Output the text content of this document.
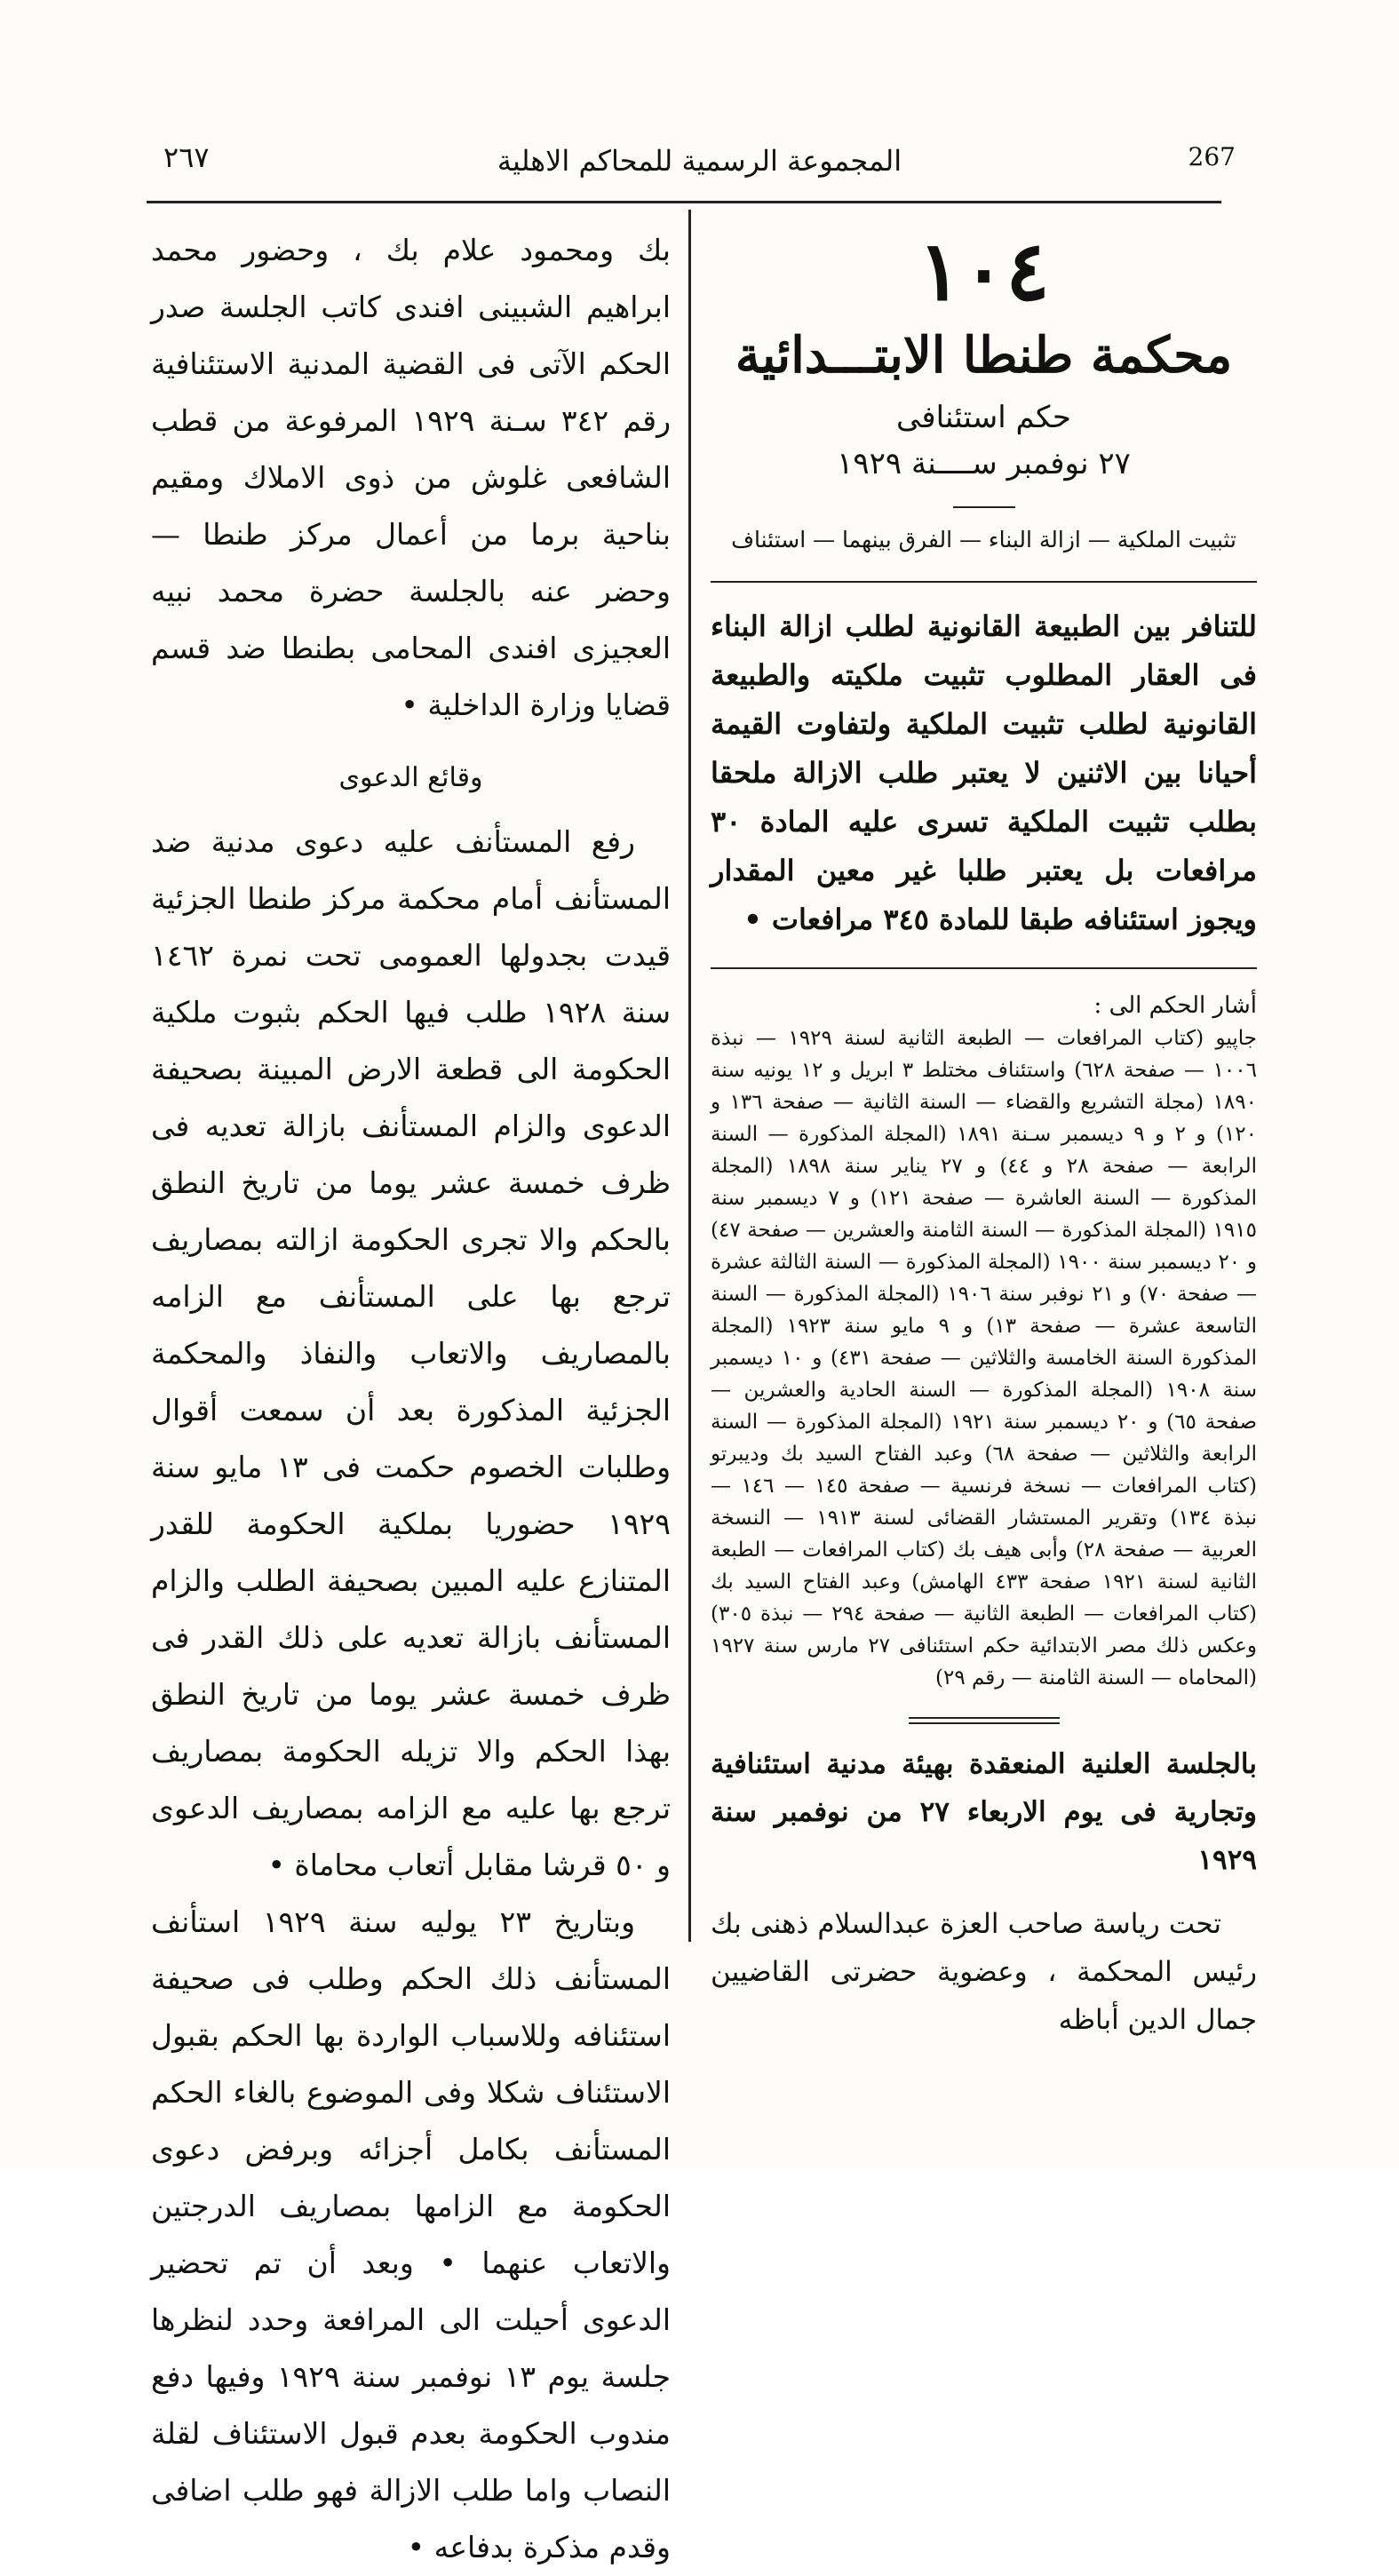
٢٦٧	المجموعة الرسمية للمحاكم الاهلية	267

١٠٤

محكمة طنطا الابتـــدائية

حكم استئنافى

٢٧ نوفمبر ســــنة ١٩٢٩

تثبيت الملكية — ازالة البناء — الفرق بينهما — استئناف

للتنافر بين الطبيعة القانونية لطلب ازالة البناء فى العقار المطلوب تثبيت ملكيته والطبيعة القانونية لطلب تثبيت الملكية ولتفاوت القيمة أحيانا بين الاثنين لا يعتبر طلب الازالة ملحقا بطلب تثبيت الملكية تسرى عليه المادة ٣٠ مرافعات بل يعتبر طلبا غير معين المقدار ويجوز استئنافه طبقا للمادة ٣٤٥ مرافعات •

أشار الحكم الى :

جاپيو (كتاب المرافعات — الطبعة الثانية لسنة ١٩٢٩ — نبذة ١٠٠٦ — صفحة ٦٢٨) واستئناف مختلط ٣ ابريل و ١٢ يونيه سنة ١٨٩٠ (مجلة التشريع والقضاء — السنة الثانية — صفحة ١٣٦ و ١٢٠) و ٢ و ٩ ديسمبر سـنة ١٨٩١ (المجلة المذكورة — السنة الرابعة — صفحة ٢٨ و ٤٤) و ٢٧ يناير سنة ١٨٩٨ (المجلة المذكورة — السنة العاشرة — صفحة ١٢١) و ٧ ديسمبر سنة ١٩١٥ (المجلة المذكورة — السنة الثامنة والعشرين — صفحة ٤٧) و ٢٠ ديسمبر سنة ١٩٠٠ (المجلة المذكورة — السنة الثالثة عشرة — صفحة ٧٠) و ٢١ نوفبر سنة ١٩٠٦ (المجلة المذكورة — السنة التاسعة عشرة — صفحة ١٣) و ٩ مايو سنة ١٩٢٣ (المجلة المذكورة السنة الخامسة والثلاثين — صفحة ٤٣١) و ١٠ ديسمبر سنة ١٩٠٨ (المجلة المذكورة — السنة الحادية والعشرين — صفحة ٦٥) و ٢٠ ديسمبر سنة ١٩٢١ (المجلة المذكورة — السنة الرابعة والثلاثين — صفحة ٦٨) وعبد الفتاح السيد بك وديبرتو (كتاب المرافعات — نسخة فرنسية — صفحة ١٤٥ — ١٤٦ — نبذة ١٣٤) وتقرير المستشار القضائى لسنة ١٩١٣ — النسخة العربية — صفحة ٢٨) وأبى هيف بك (كتاب المرافعات — الطبعة الثانية لسنة ١٩٢١ صفحة ٤٣٣ الهامش) وعبد الفتاح السيد بك (كتاب المرافعات — الطبعة الثانية — صفحة ٢٩٤ — نبذة ٣٠٥) وعكس ذلك مصر الابتدائية حكم استئنافى ٢٧ مارس سنة ١٩٢٧ (المحاماه — السنة الثامنة — رقم ٢٩)

بالجلسة العلنية المنعقدة بهيئة مدنية استئنافية وتجارية فى يوم الاربعاء ٢٧ من نوفمبر سنة ١٩٢٩

تحت رياسة صاحب العزة عبدالسلام ذهنى بك رئيس المحكمة ، وعضوية حضرتى القاضيين جمال الدين أباظه

بك ومحمود علام بك ، وحضور محمد ابراهيم الشبينى افندى كاتب الجلسة صدر الحكم الآتى فى القضية المدنية الاستئنافية رقم ٣٤٢ سـنة ١٩٢٩ المرفوعة من قطب الشافعى غلوش من ذوى الاملاك ومقيم بناحية برما من أعمال مركز طنطا — وحضر عنه بالجلسة حضرة محمد نبيه العجيزى افندى المحامى بطنطا ضد قسم قضايا وزارة الداخلية •

وقائع الدعوى

رفع المستأنف عليه دعوى مدنية ضد المستأنف أمام محكمة مركز طنطا الجزئية قيدت بجدولها العمومى تحت نمرة ١٤٦٢ سنة ١٩٢٨ طلب فيها الحكم بثبوت ملكية الحكومة الى قطعة الارض المبينة بصحيفة الدعوى والزام المستأنف بازالة تعديه فى ظرف خمسة عشر يوما من تاريخ النطق بالحكم والا تجرى الحكومة ازالته بمصاريف ترجع بها على المستأنف مع الزامه بالمصاريف والاتعاب والنفاذ والمحكمة الجزئية المذكورة بعد أن سمعت أقوال وطلبات الخصوم حكمت فى ١٣ مايو سنة ١٩٢٩ حضوريا بملكية الحكومة للقدر المتنازع عليه المبين بصحيفة الطلب والزام المستأنف بازالة تعديه على ذلك القدر فى ظرف خمسة عشر يوما من تاريخ النطق بهذا الحكم والا تزيله الحكومة بمصاريف ترجع بها عليه مع الزامه بمصاريف الدعوى و ٥٠ قرشا مقابل أتعاب محاماة •

وبتاريخ ٢٣ يوليه سنة ١٩٢٩ استأنف المستأنف ذلك الحكم وطلب فى صحيفة استئنافه وللاسباب الواردة بها الحكم بقبول الاستئناف شكلا وفى الموضوع بالغاء الحكم المستأنف بكامل أجزائه وبرفض دعوى الحكومة مع الزامها بمصاريف الدرجتين والاتعاب عنهما • وبعد أن تم تحضير الدعوى أحيلت الى المرافعة وحدد لنظرها جلسة يوم ١٣ نوفمبر سنة ١٩٢٩ وفيها دفع مندوب الحكومة بعدم قبول الاستئناف لقلة النصاب واما طلب الازالة فهو طلب اضافى وقدم مذكرة بدفاعه •
